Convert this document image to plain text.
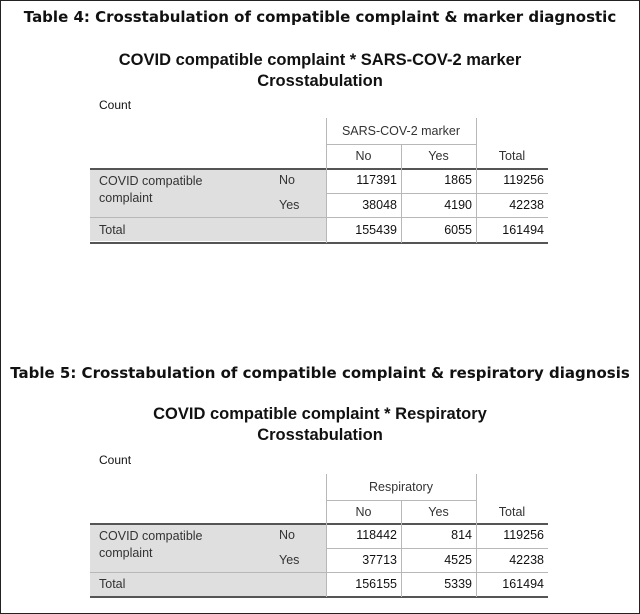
Table 4: Crosstabulation of compatible complaint & marker diagnostic
COVID compatible complaint * SARS-COV-2 marker
Crosstabulation
Count
SARS-COV-2 marker
No	Yes	Total
COVID compatible complaint
No	117391	1865	119256
Yes	38048	4190	42238
Total	155439	6055	161494
Table 5: Crosstabulation of compatible complaint & respiratory diagnosis
COVID compatible complaint * Respiratory
Crosstabulation
Count
Respiratory
No	Yes	Total
COVID compatible complaint
No	118442	814	119256
Yes	37713	4525	42238
Total	156155	5339	161494
